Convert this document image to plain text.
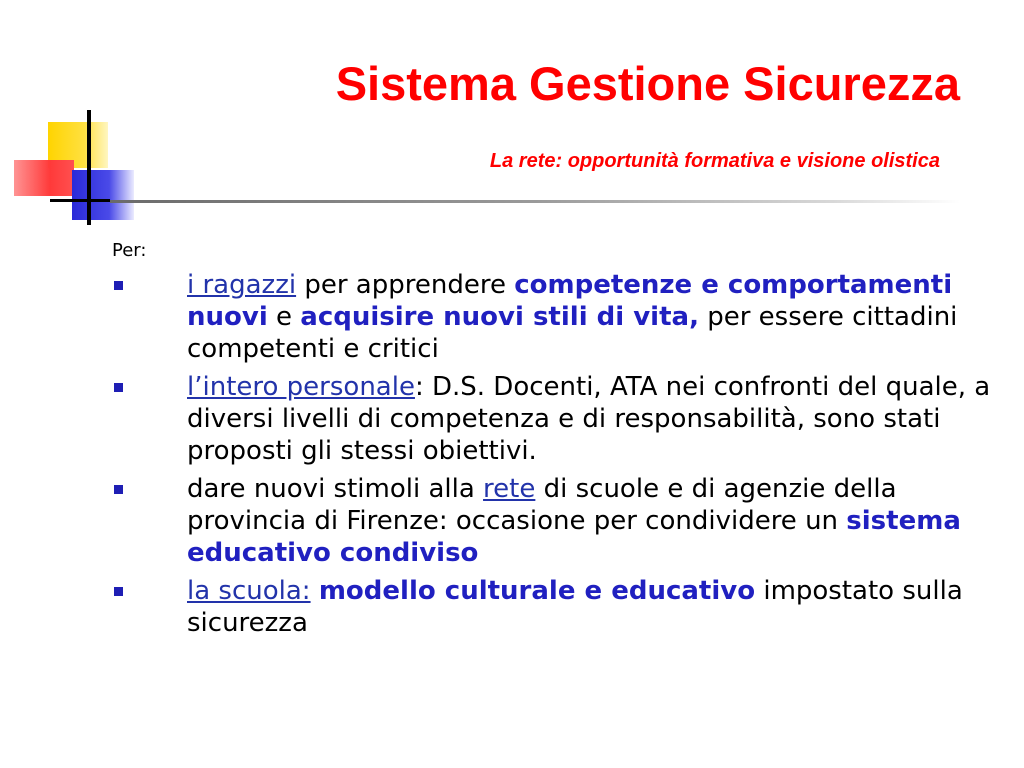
Sistema Gestione Sicurezza

La rete: opportunità formativa e visione olistica

Per:

i ragazzi per apprendere competenze e comportamenti nuovi e acquisire nuovi stili di vita, per essere cittadini competenti e critici
l’intero personale: D.S. Docenti, ATA nei confronti del quale, a diversi livelli di competenza e di responsabilità, sono stati proposti gli stessi obiettivi.
dare nuovi stimoli alla rete di scuole e di agenzie della provincia di Firenze: occasione per condividere un sistema educativo condiviso
la scuola: modello culturale e educativo impostato sulla sicurezza
